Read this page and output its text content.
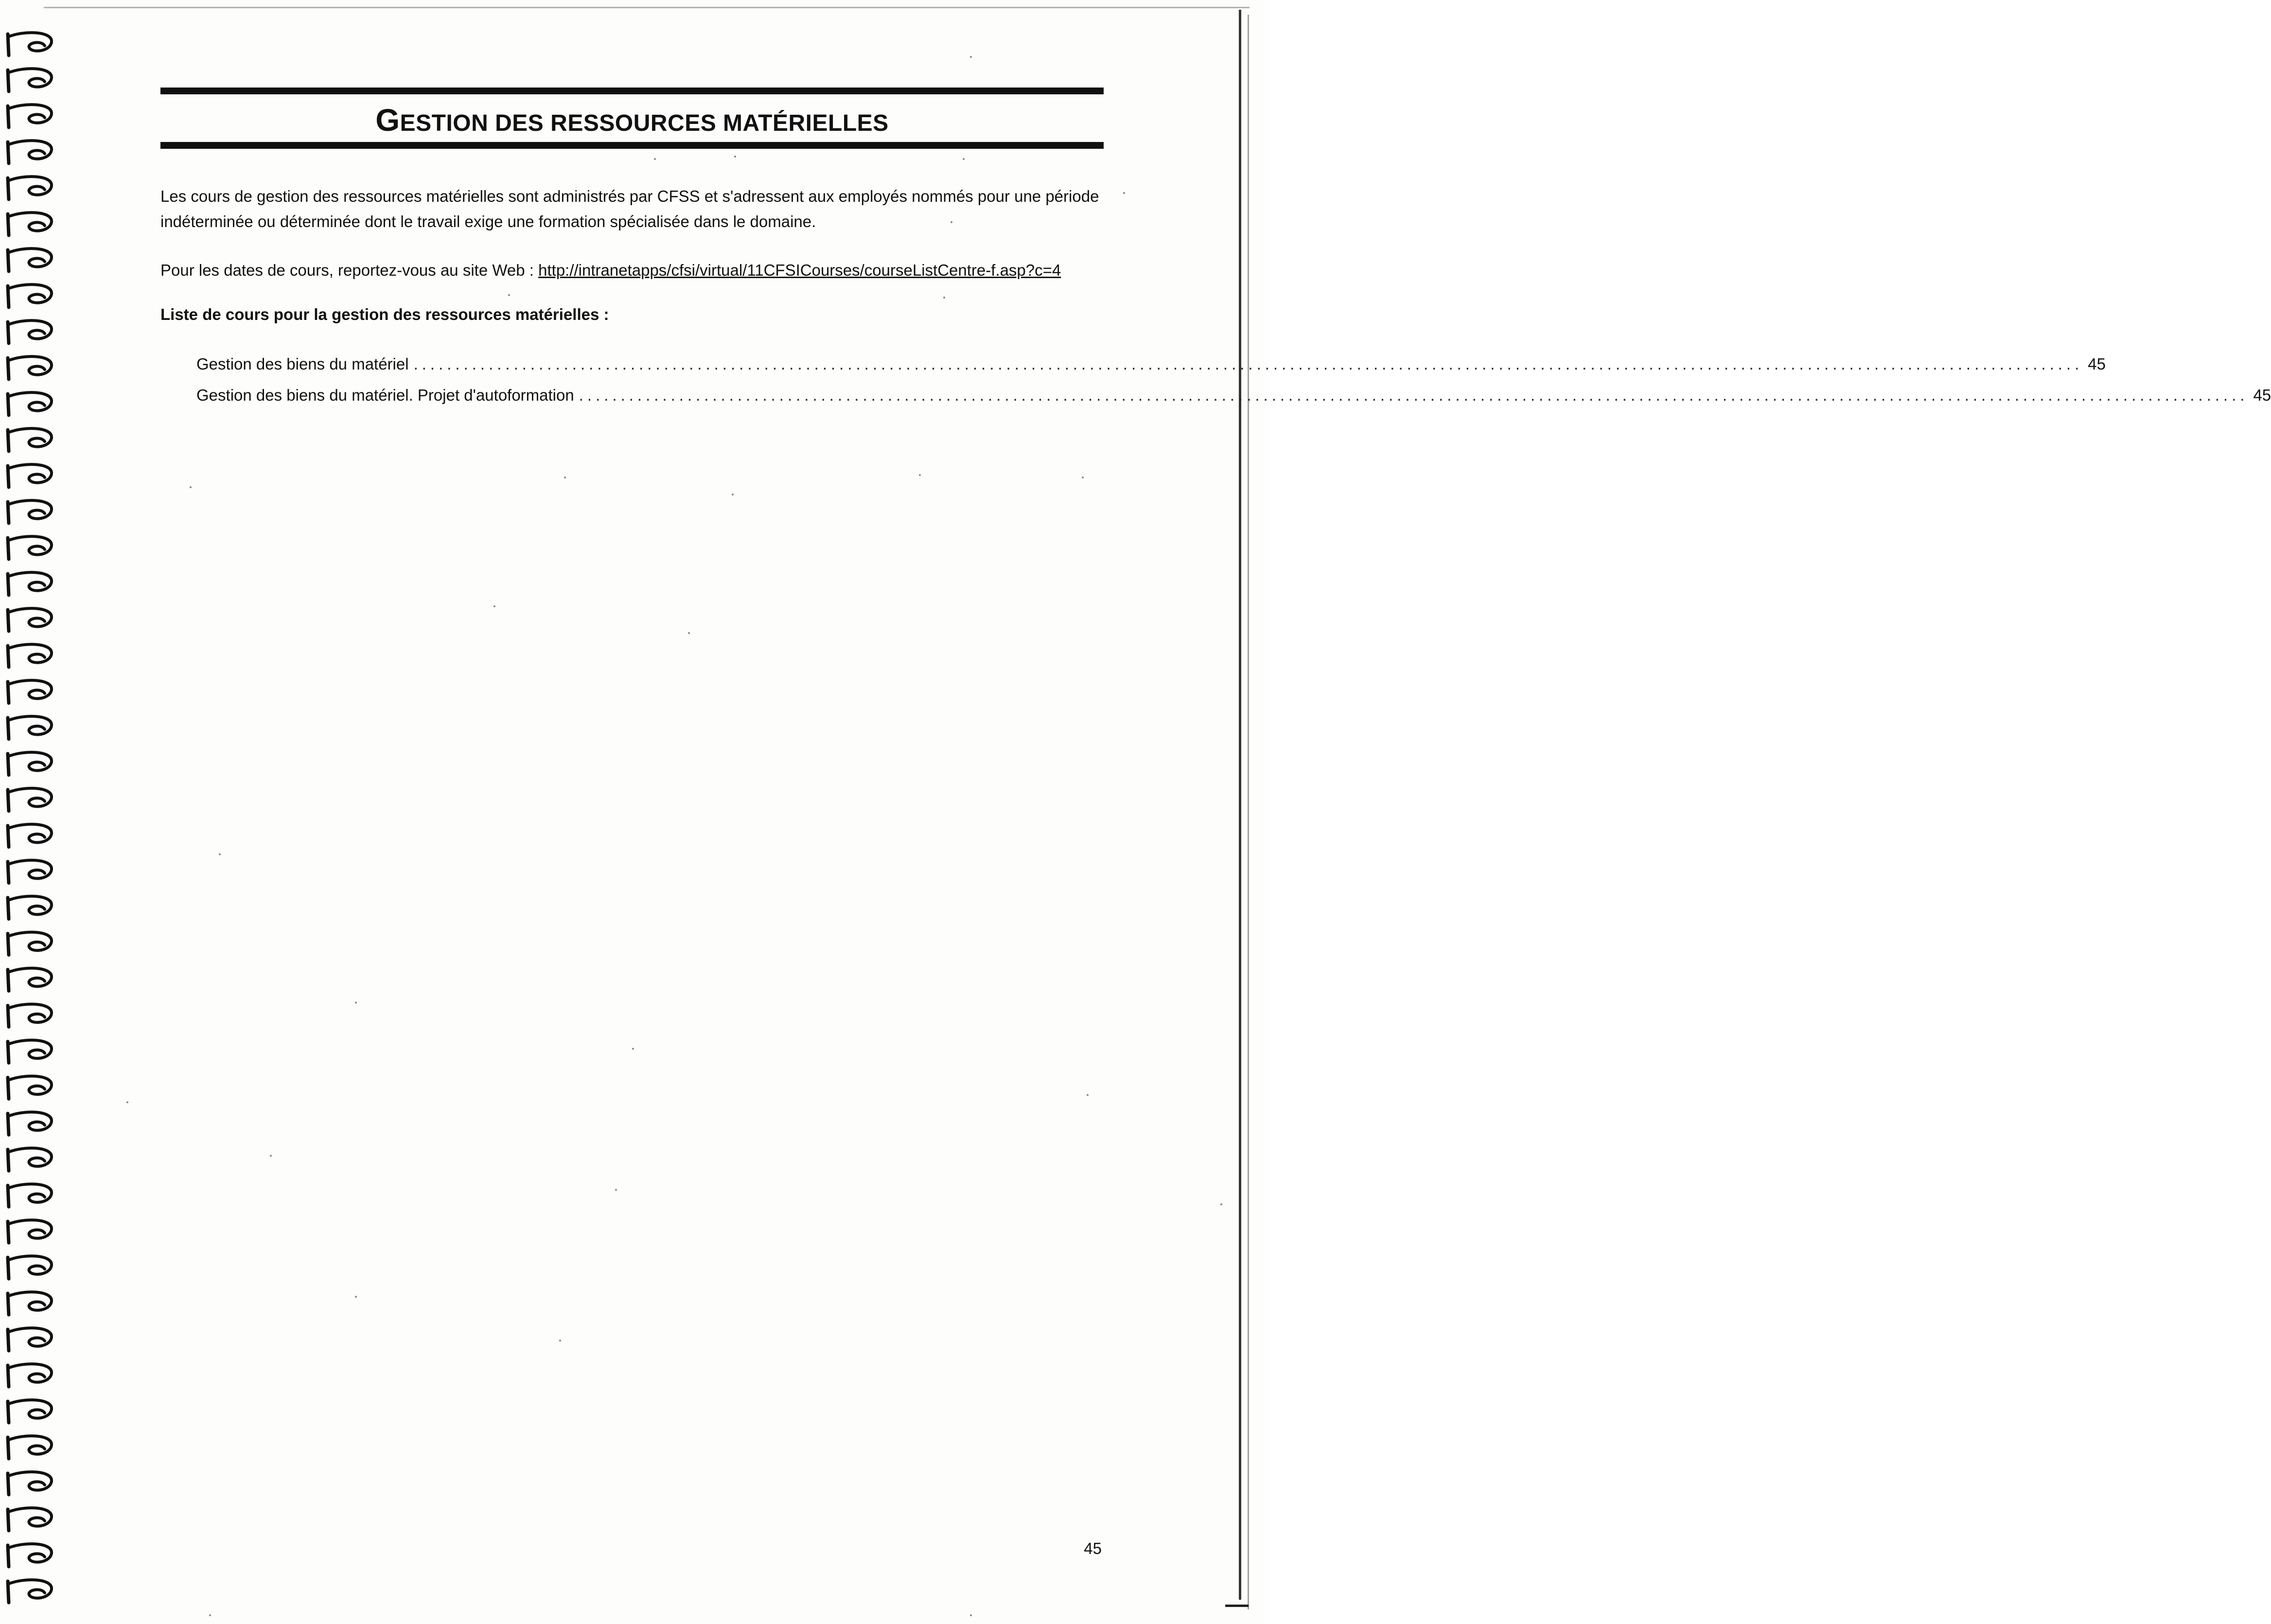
GESTION DES RESSOURCES MATÉRIELLES
Les cours de gestion des ressources matérielles sont administrés par CFSS et s'adressent aux employés nommés pour une période indéterminée ou déterminée dont le travail exige une formation spécialisée dans le domaine.
Pour les dates de cours, reportez-vous au site Web : http://intranetapps/cfsi/virtual/11CFSICourses/courseListCentre-f.asp?c=4
Liste de cours pour la gestion des ressources matérielles :
Gestion des biens du matériel ........................................................................................................................................................................................................ 45
Gestion des biens du matériel. Projet d'autoformation ........................................................................................................................................................................................................ 45
45
